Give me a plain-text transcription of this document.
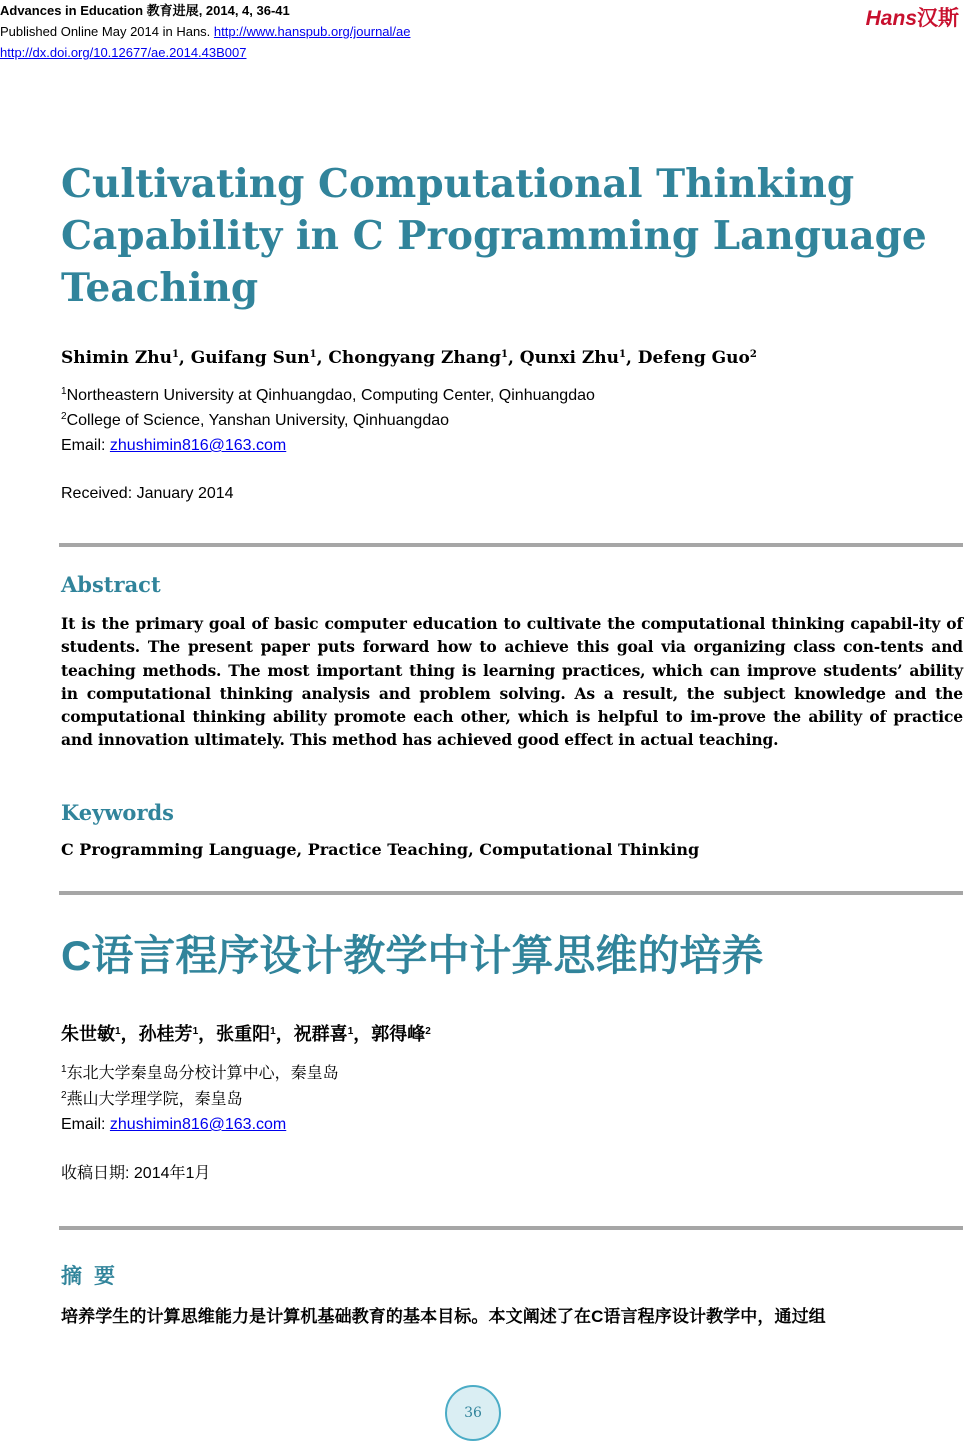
Advances in Education 教育进展, 2014, 4, 36-41
Published Online May 2014 in Hans. http://www.hanspub.org/journal/ae
http://dx.doi.org/10.12677/ae.2014.43B007
Hans汉斯
Cultivating Computational Thinking
Capability in C Programming Language
Teaching
Shimin Zhu$^1$, Guifang Sun$^1$, Chongyang Zhang$^1$, Qunxi Zhu$^1$, Defeng Guo$^2$
$^1$Northeastern University at Qinhuangdao, Computing Center, Qinhuangdao
$^2$College of Science, Yanshan University, Qinhuangdao
Email: zhushimin816@163.com
Received: January 2014
Abstract
It is the primary goal of basic computer education to cultivate the computational thinking capabil-ity of students. The present paper puts forward how to achieve this goal via organizing class con-tents and teaching methods. The most important thing is learning practices, which can improve students’ ability in computational thinking analysis and problem solving. As a result, the subject knowledge and the computational thinking ability promote each other, which is helpful to im-prove the ability of practice and innovation ultimately. This method has achieved good effect in actual teaching.
Keywords
C Programming Language, Practice Teaching, Computational Thinking
C语言程序设计教学中计算思维的培养
朱世敏$^1$，孙桂芳$^1$，张重阳$^1$，祝群喜$^1$，郭得峰$^2$
$^1$东北大学秦皇岛分校计算中心，秦皇岛
$^2$燕山大学理学院，秦皇岛
Email: zhushimin816@163.com
收稿日期: 2014年1月
摘要
培养学生的计算思维能力是计算机基础教育的基本目标。本文阐述了在C语言程序设计教学中，通过组
36
